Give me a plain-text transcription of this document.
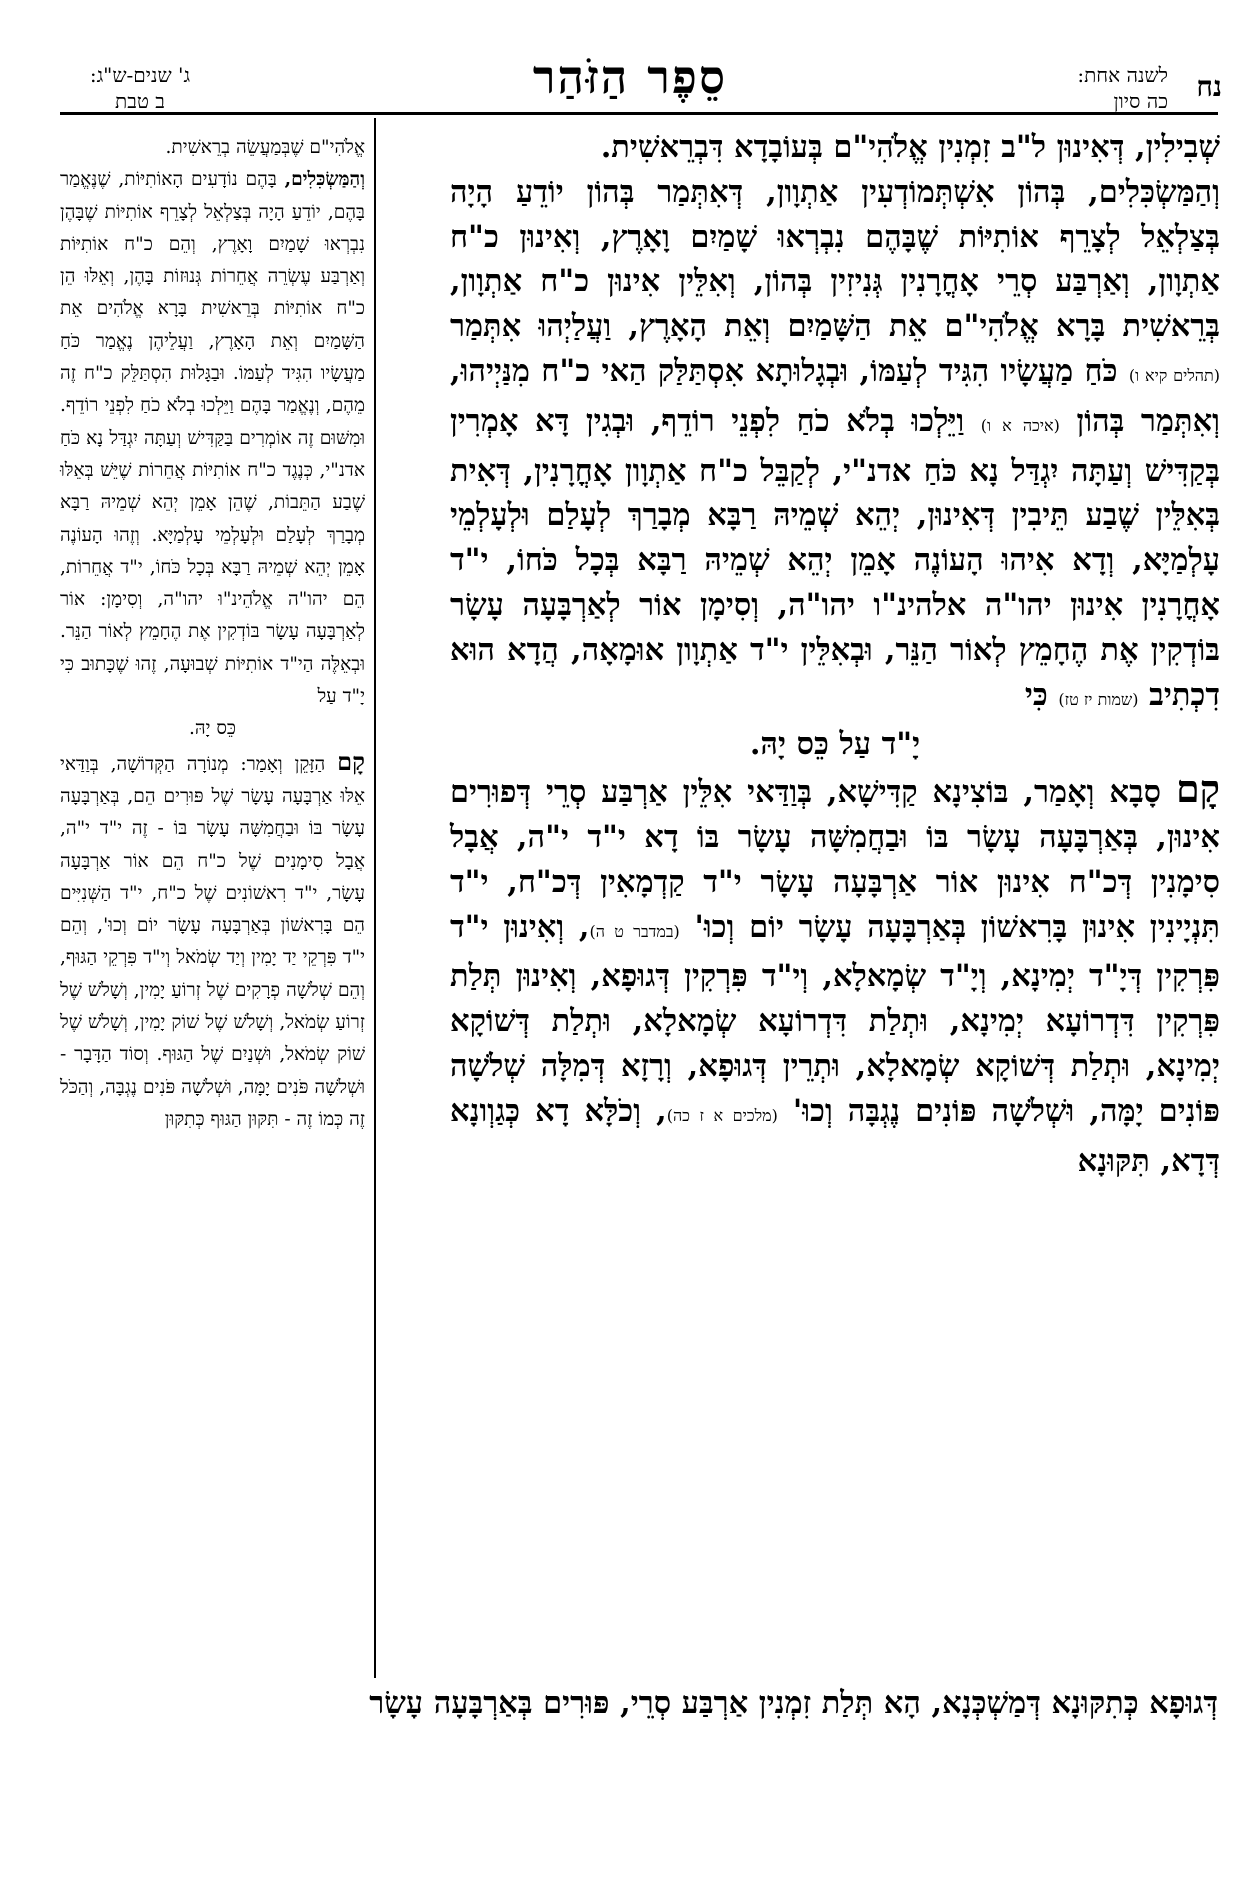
נח
לשנה אחת:
כה סיון
סֵפֶר הַזֹּהַר
ג' שנים-ש"ג:
ב טבת

שְׁבִילִין, דְּאִינוּן ל"ב זִמְנִין אֱלֹהִי"ם בְּעוֹבָדָא דִּבְרֵאשִׁית.

וְהַמַּשְׂכִּלִים, בְּהוֹן אִשְׁתְּמוֹדְעִין אַתְוָון, דְּאִתְּמַר בְּהוֹן יוֹדֵעַ הָיָה בְּצַלְאֵל לְצָרֵף אוֹתִיּוֹת שֶׁבָּהֶם נִבְרְאוּ שָׁמַיִם וָאָרֶץ, וְאִינוּן כ"ח אַתְוָון, וְאַרְבַּע סְרֵי אָחֳרָנִין גְּנִיזִין בְּהוֹן, וְאִלֵּין אִינוּן כ"ח אַתְוָון, בְּרֵאשִׁית בָּרָא אֱלֹהִי"ם אֵת הַשָּׁמַיִם וְאֵת הָאָרֶץ, וַעֲלַיְהוּ אִתְּמַר (תהלים קיא ו) כֹּחַ מַעֲשָׂיו הִגִּיד לְעַמּוֹ, וּבְגָלוּתָא אִסְתַּלַּק הַאי כ"ח מִנַּיְיהוּ, וְאִתְּמַר בְּהוֹן (איכה א ו) וַיֵּלְכוּ בְלֹא כֹחַ לִפְנֵי רוֹדֵף, וּבְגִין דָּא אָמְרִין בְּקַדִּישׁ וְעַתָּה יִגְדַּל נָא כֹּחַ אדנ"י, לְקַבֵּל כ"ח אַתְוָון אָחֳרָנִין, דְּאִית בְּאִלֵּין שֶׁבַע תֵּיבִין דְּאִינוּן, יְהֵא שְׁמֵיהּ רַבָּא מְבָרַךְ לְעָלַם וּלְעָלְמֵי עָלְמַיָּא, וְדָא אִיהוּ הָעוֹנֶה אָמֵן יְהֵא שְׁמֵיהּ רַבָּא בְּכָל כֹּחוֹ, י"ד אָחֳרָנִין אִינוּן יהו"ה אלהינ"ו יהו"ה, וְסִימָן אוֹר לְאַרְבָּעָה עָשָׂר בּוֹדְקִין אֶת הֶחָמֵץ לְאוֹר הַנֵּר, וּבְאִלֵּין י"ד אַתְוָון אוּמָאָה, הֲדָא הוּא דִכְתִיב (שמות יז טז) כִּי

יָ"ד עַל כֵּס יָהּ.

קָם סָבָא וְאָמַר, בּוֹצִינָא קַדִּישָׁא, בְּוַדַּאי אִלֵּין אַרְבַּע סְרֵי דְּפוּרִים אִינוּן, בְּאַרְבָּעָה עָשָׂר בּוֹ וּבַחֲמִשָּׁה עָשָׂר בּוֹ דָא י"ד י"ה, אֲבָל סִימָנִין דְּכ"ח אִינוּן אוֹר אַרְבָּעָה עָשָׂר י"ד קַדְמָאִין דְּכ"ח, י"ד תִּנְיָינִין אִינוּן בָּרִאשׁוֹן בְּאַרְבָּעָה עָשָׂר יוֹם וְכוּ' (במדבר ט ה), וְאִינוּן י"ד פִּרְקִין דְּיָ"ד יְמִינָא, וְיָ"ד שְׂמָאלָא, וְי"ד פִּרְקִין דְּגוּפָא, וְאִינוּן תְּלַת פִּרְקִין דִּדְרוֹעָא יְמִינָא, וּתְלַת דִּדְרוֹעָא שְׂמָאלָא, וּתְלַת דְּשׁוֹקָא יְמִינָא, וּתְלַת דְּשׁוֹקָא שְׂמָאלָא, וּתְרֵין דְּגוּפָא, וְרָזָא דְּמִלָּה שְׁלֹשָׁה פּוֹנִים יָמָּה, וּשְׁלֹשָׁה פּוֹנִים נֶגְבָּה וְכוּ' (מלכים א ז כה), וְכֹלָּא דָא כְּגַוְונָא דְּדָא, תִּקּוּנָא

אֱלֹהִי"ם שֶׁבְּמַעֲשֵׂה בְרֵאשִׁית.

וְהַמַּשְׂכִּלִים, בָּהֶם נוֹדָעִים הָאוֹתִיּוֹת, שֶׁנֶּאֱמַר בָּהֶם, יוֹדֵעַ הָיָה בְּצַלְאֵל לְצָרֵף אוֹתִיּוֹת שֶׁבָּהֶן נִבְרְאוּ שָׁמַיִם וָאָרֶץ, וְהֵם כ"ח אוֹתִיּוֹת וְאַרְבַּע עֶשְׂרֵה אֲחֵרוֹת גְּנוּזוֹת בָּהֶן, וְאֵלּוּ הֵן כ"ח אוֹתִיּוֹת בְּרֵאשִׁית בָּרָא אֱלֹהִים אֵת הַשָּׁמַיִם וְאֵת הָאָרֶץ, וַעֲלֵיהֶן נֶאֱמַר כֹּחַ מַעֲשָׂיו הִגִּיד לְעַמּוֹ. וּבַגָּלוּת הִסְתַּלֵּק כ"ח זֶה מֵהֶם, וְנֶאֱמַר בָּהֶם וַיֵּלְכוּ בְלֹא כֹחַ לִפְנֵי רוֹדֵף. וּמִשּׁוּם זֶה אוֹמְרִים בַּקַּדִּישׁ וְעַתָּה יִגְדַּל נָא כֹּחַ אדנ"י, כְּנֶגֶד כ"ח אוֹתִיּוֹת אֲחֵרוֹת שֶׁיֵּשׁ בְּאֵלּוּ שֶׁבַע הַתֵּבוֹת, שֶׁהֵן אָמֵן יְהֵא שְׁמֵיהּ רַבָּא מְבָרַךְ לְעָלַם וּלְעָלְמֵי עָלְמַיָּא. וְזֶהוּ הָעוֹנֶה אָמֵן יְהֵא שְׁמֵיהּ רַבָּא בְּכָל כֹּחוֹ, י"ד אֲחֵרוֹת, הֵם יהו"ה אֱלֹהֵינ"וּ יהו"ה, וְסִימָן: אוֹר לְאַרְבָּעָה עָשָׂר בּוֹדְקִין אֶת הֶחָמֵץ לְאוֹר הַנֵּר. וּבְאֵלֶּה הַי"ד אוֹתִיּוֹת שְׁבוּעָה, זֶהוּ שֶׁכָּתוּב כִּי יָ"ד עַל

כֵּס יָהּ.

קָם הַזָּקֵן וְאָמַר: מְנוֹרָה הַקְּדוֹשָׁה, בְּוַדַּאי אֵלּוּ אַרְבָּעָה עָשָׂר שֶׁל פּוּרִים הֵם, בְּאַרְבָּעָה עָשָׂר בּוֹ וּבַחֲמִשָּׁה עָשָׂר בּוֹ - זֶה י"ד י"ה, אֲבָל סִימָנִים שֶׁל כ"ח הֵם אוֹר אַרְבָּעָה עָשָׂר, י"ד רִאשׁוֹנִים שֶׁל כ"ח, י"ד הַשְּׁנִיִּים הֵם בָּרִאשׁוֹן בְּאַרְבָּעָה עָשָׂר יוֹם וְכוּ', וְהֵם י"ד פִּרְקֵי יַד יָמִין וְיַד שְׂמֹאל וְי"ד פִּרְקֵי הַגּוּף, וְהֵם שְׁלֹשָׁה פְרָקִים שֶׁל זְרוֹעַ יָמִין, וְשָׁלֹשׁ שֶׁל זְרוֹעַ שְׂמֹאל, וְשָׁלֹשׁ שֶׁל שׁוֹק יָמִין, וְשָׁלֹשׁ שֶׁל שׁוֹק שְׂמֹאל, וּשְׁנַיִם שֶׁל הַגּוּף. וְסוֹד הַדָּבָר - וּשְׁלֹשָׁה פֹּנִים יָמָּה, וּשְׁלֹשָׁה פֹּנִים נֶגְבָּה, וְהַכֹּל זֶה כְּמוֹ זֶה - תִּקּוּן הַגּוּף כְּתִקּוּן

דְּגוּפָא כְּתִקּוּנָא דְּמַשְׁכְּנָא, הָא תְּלַת זִמְנִין אַרְבַּע סְרֵי, פּוּרִים בְּאַרְבָּעָה עָשָׂר
